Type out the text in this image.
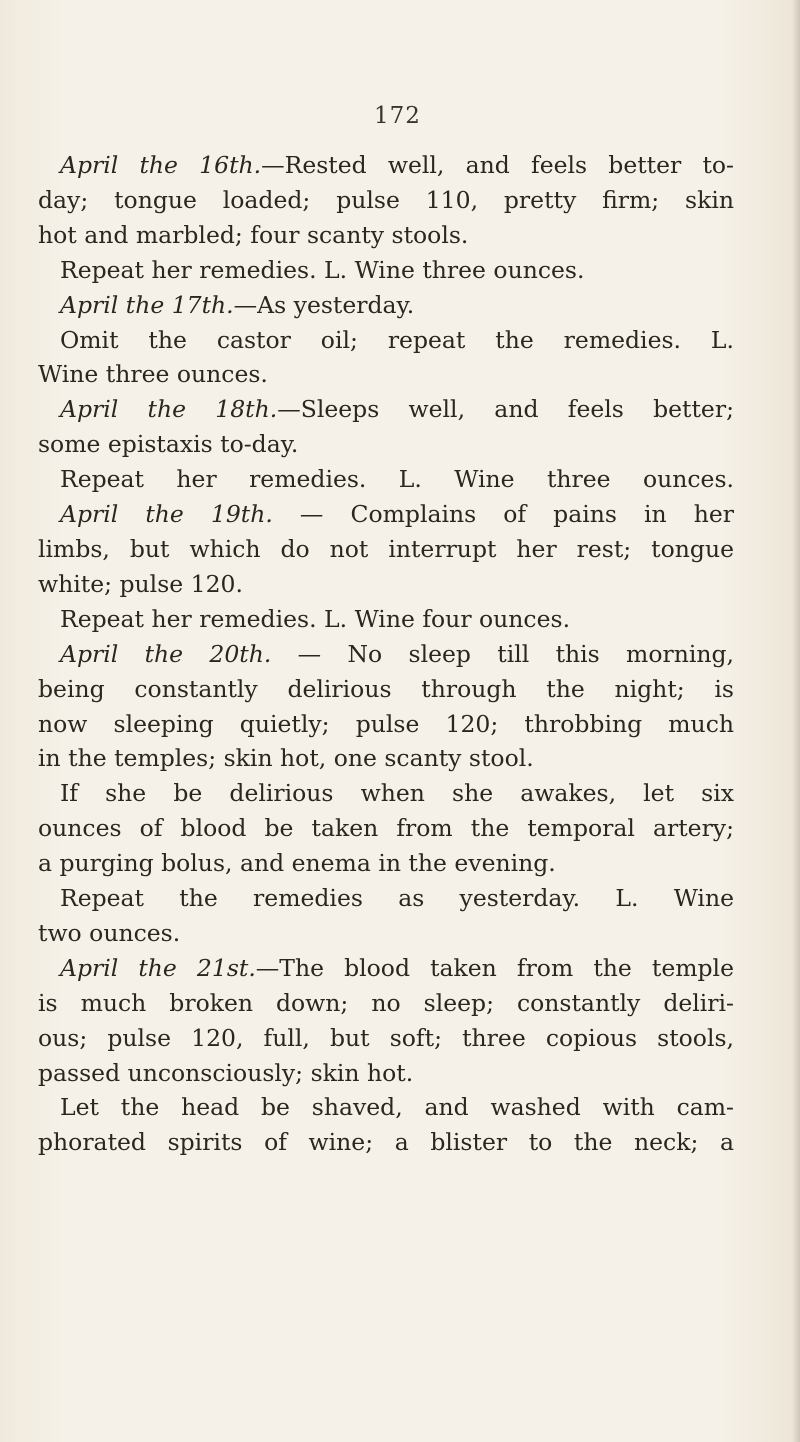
172
April the 16th.—Rested well, and feels better to-
day; tongue loaded; pulse 110, pretty firm; skin
hot and marbled; four scanty stools.
Repeat her remedies. L. Wine three ounces.
April the 17th.—As yesterday.
Omit the castor oil; repeat the remedies. L.
Wine three ounces.
April the 18th.—Sleeps well, and feels better;
some epistaxis to-day.
Repeat her remedies. L. Wine three ounces.
April the 19th. — Complains of pains in her
limbs, but which do not interrupt her rest; tongue
white; pulse 120.
Repeat her remedies. L. Wine four ounces.
April the 20th. — No sleep till this morning,
being constantly delirious through the night; is
now sleeping quietly; pulse 120; throbbing much
in the temples; skin hot, one scanty stool.
If she be delirious when she awakes, let six
ounces of blood be taken from the temporal artery;
a purging bolus, and enema in the evening.
Repeat the remedies as yesterday. L. Wine
two ounces.
April the 21st.—The blood taken from the temple
is much broken down; no sleep; constantly deliri-
ous; pulse 120, full, but soft; three copious stools,
passed unconsciously; skin hot.
Let the head be shaved, and washed with cam-
phorated spirits of wine; a blister to the neck; a
